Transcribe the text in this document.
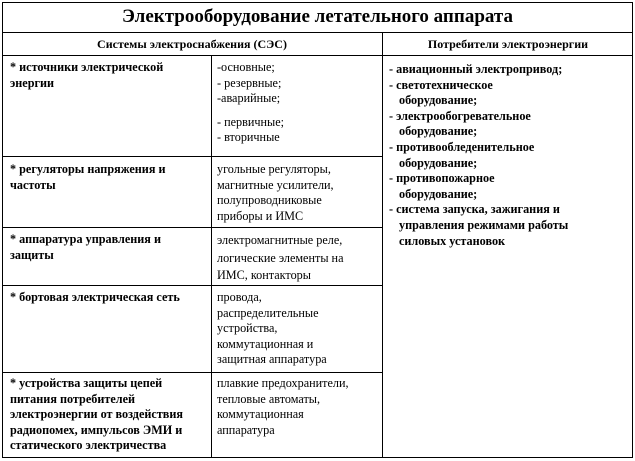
Электрооборудование летательного аппарата
Системы электроснабжения (СЭС)	Потребители электроэнергии
* источники электрической
энергии
-основные;
- резервные;
-аварийные;
- первичные;
- вторичные
* регуляторы напряжения и
частоты
угольные регуляторы,
магнитные усилители,
полупроводниковые
приборы и ИМС
* аппаратура управления и
защиты
электромагнитные реле,
логические элементы на
ИМС, контакторы
* бортовая электрическая сеть	провода,
распределительные
устройства,
коммутационная и
защитная аппаратура
* устройства защиты цепей
питания потребителей
электроэнергии от воздействия
радиопомех, импульсов ЭМИ и
статического электричества
плавкие предохранители,
тепловые автоматы,
коммутационная
аппаратура
- авиационный электропривод;
- светотехническое
оборудование;
- электрообогревательное
оборудование;
- противообледенительное
оборудование;
- противопожарное
оборудование;
- система запуска, зажигания и
управления режимами работы
силовых установок
